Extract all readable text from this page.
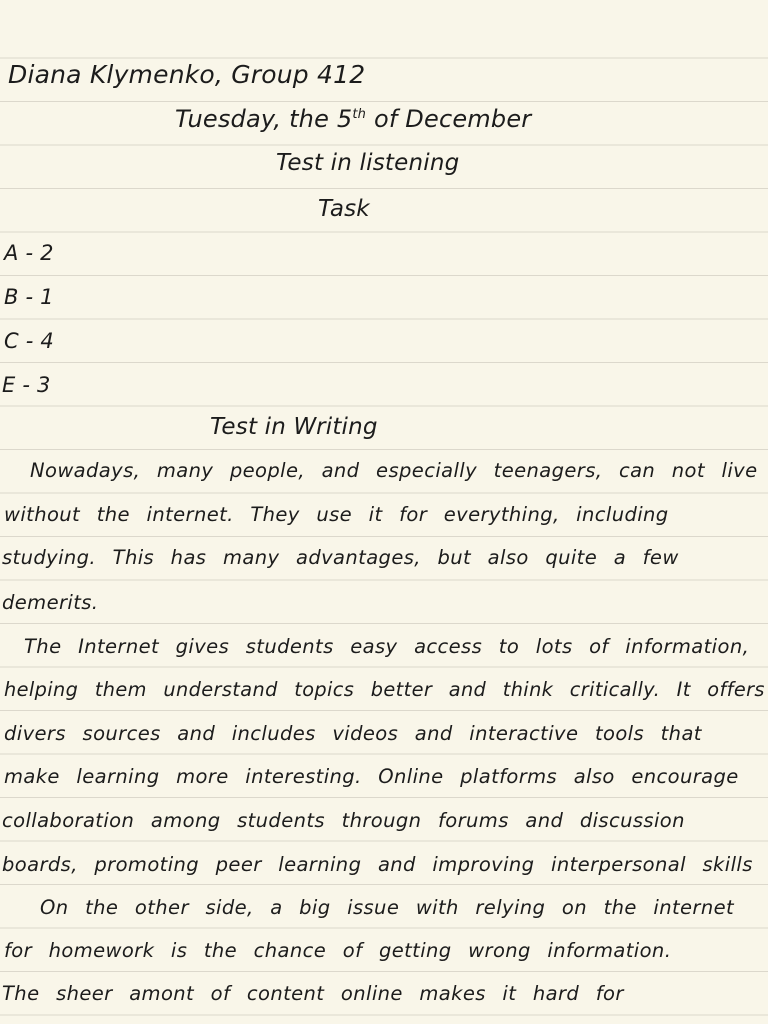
Diana Klymenko, Group 412
Tuesday, the 5th of December
Test in listening
Task
A - 2
B - 1
C - 4
E - 3
Test in Writing
Nowadays, many people, and especially teenagers, can not live
without the internet. They use it for everything, including
studying. This has many advantages, but also quite a few
demerits.
The Internet gives students easy access to lots of information,
helping them understand topics better and think critically. It offers
divers sources and includes videos and interactive tools that
make learning more interesting. Online platforms also encourage
collaboration among students througn forums and discussion
boards, promoting peer learning and improving interpersonal skills
On the other side, a big issue with relying on the internet
for homework is the chance of getting wrong information.
The sheer amont of content online makes it hard for
